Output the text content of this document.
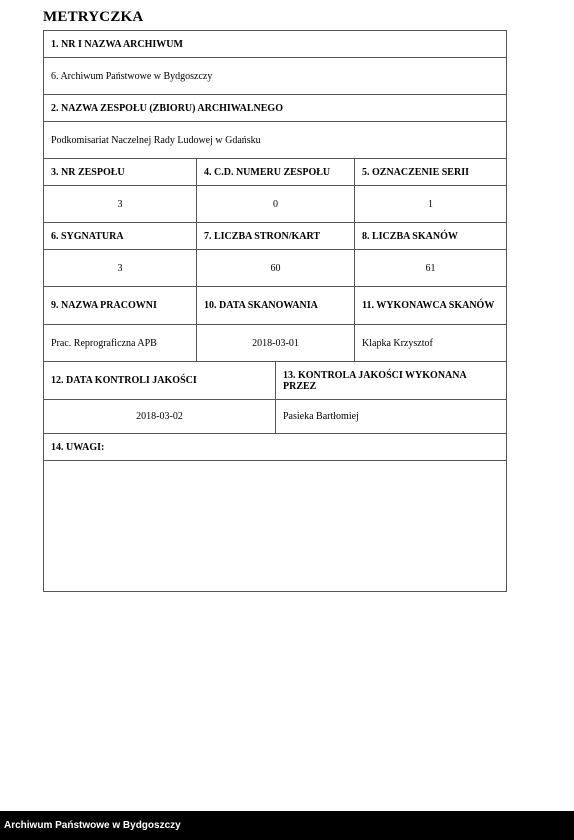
METRYCZKA
1. NR I NAZWA ARCHIWUM
6. Archiwum Państwowe w Bydgoszczy
2. NAZWA ZESPOŁU (ZBIORU) ARCHIWALNEGO
Podkomisariat Naczelnej Rady Ludowej w Gdańsku
3. NR ZESPOŁU	4. C.D. NUMERU ZESPOŁU	5. OZNACZENIE SERII
3	0	1
6. SYGNATURA	7. LICZBA STRON/KART	8. LICZBA SKANÓW
3	60	61
9. NAZWA PRACOWNI	10. DATA SKANOWANIA	11. WYKONAWCA SKANÓW
Prac. Reprograficzna APB	2018-03-01	Klapka Krzysztof
12. DATA KONTROLI JAKOŚCI	13. KONTROLA JAKOŚCI WYKONANA PRZEZ
2018-03-02	Pasieka Bartłomiej
14. UWAGI:
Archiwum Państwowe w Bydgoszczy
